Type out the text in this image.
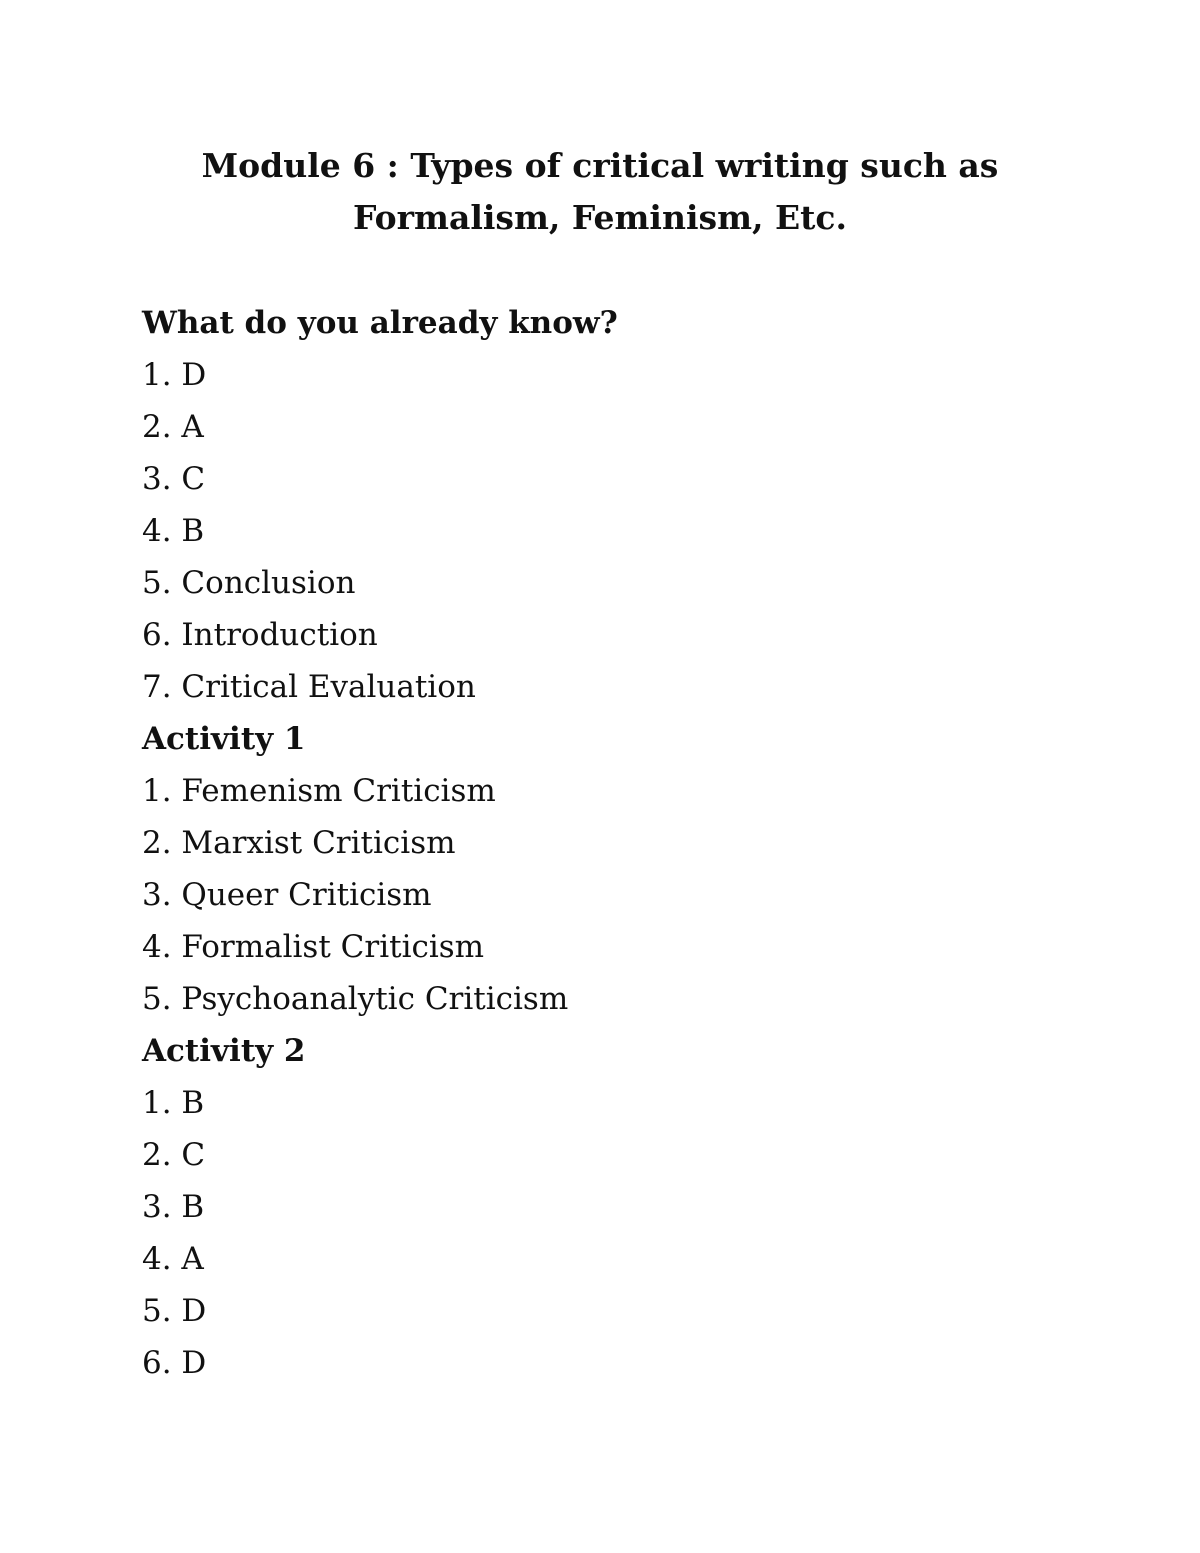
Module 6 : Types of critical writing such as
Formalism, Feminism, Etc.
What do you already know?
1. D
2. A
3. C
4. B
5. Conclusion
6. Introduction
7. Critical Evaluation
Activity 1
1. Femenism Criticism
2. Marxist Criticism
3. Queer Criticism
4. Formalist Criticism
5. Psychoanalytic Criticism
Activity 2
1. B
2. C
3. B
4. A
5. D
6. D
